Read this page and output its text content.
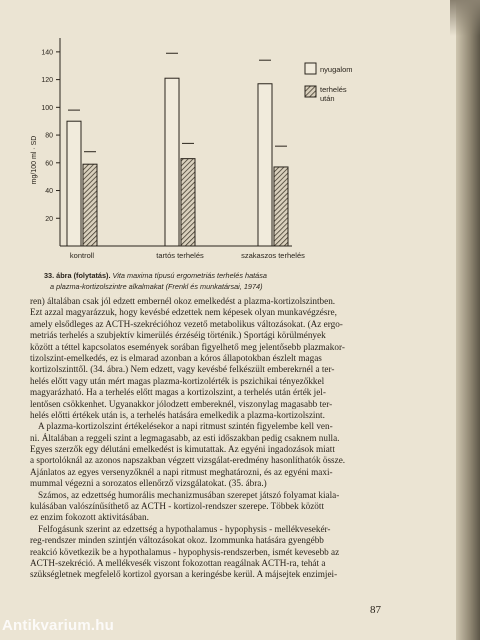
20
40
60
80
100
120
140
kontroll	tartós terhelés	szakaszos terhelés
mg/100 ml · SD
nyugalom
terhelés
után
33. ábra (folytatás). Vita maxima típusú ergometriás terhelés hatása
a plazma-kortizolszintre alkalmakat (Frenkl és munkatársai, 1974)
ren) általában csak jól edzett embernél okoz emelkedést a plazma-kortizolszintben.
Ezt azzal magyarázzuk, hogy kevésbé edzettek nem képesek olyan munkavégzésre,
amely elsődleges az ACTH-szekrécióhoz vezető metabolikus változásokat. (Az ergo-
metriás terhelés a szubjektív kimerülés érzéséig történik.) Sportági körülmények
között a téttel kapcsolatos események sorában figyelhető meg jelentősebb plazmakor-
tizolszint-emelkedés, ez is elmarad azonban a kóros állapotokban észlelt magas
kortizolszinttől. (34. ábra.) Nem edzett, vagy kevésbé felkészült emberekrnél a ter-
helés előtt vagy után mért magas plazma-kortizolérték is pszichikai tényezőkkel
magyarázható. Ha a terhelés előtt magas a kortizolszint, a terhelés után érték jel-
lentősen csökkenhet. Ugyanakkor jólodzett embereknél, viszonylag magasabb ter-
helés előtti értékek után is, a terhelés hatására emelkedik a plazma-kortizolszint.
A plazma-kortizolszint értékelésekor a napi ritmust szintén figyelembe kell ven-
ni. Általában a reggeli szint a legmagasabb, az esti időszakban pedig csaknem nulla.
Egyes szerzők egy délutáni emelkedést is kimutattak. Az egyéni ingadozások miatt
a sportolóknál az azonos napszakban végzett vizsgálat-eredmény hasonlíthatók össze.
Ajánlatos az egyes versenyzőknél a napi ritmust meghatározni, és az egyéni maxi-
mummal végezni a sorozatos ellenőrző vizsgálatokat. (35. ábra.)
Számos, az edzettség humorális mechanizmusában szerepet játszó folyamat kiala-
kulásában valószínűsíthető az ACTH - kortizol-rendszer szerepe. Többek között
ez enzim fokozott aktivitásában.
Felfogásunk szerint az edzettség a hypothalamus - hypophysis - mellékvesekér-
reg-rendszer minden szintjén változásokat okoz. Izommunka hatására gyengébb
reakció következik be a hypothalamus - hypophysis-rendszerben, ismét kevesebb az
ACTH-szekréció. A mellékvesék viszont fokozottan reagálnak ACTH-ra, tehát a
szükségletnek megfelelő kortizol gyorsan a keringésbe kerül. A májsejtek enzimjei-
87
Antikvarium.hu
